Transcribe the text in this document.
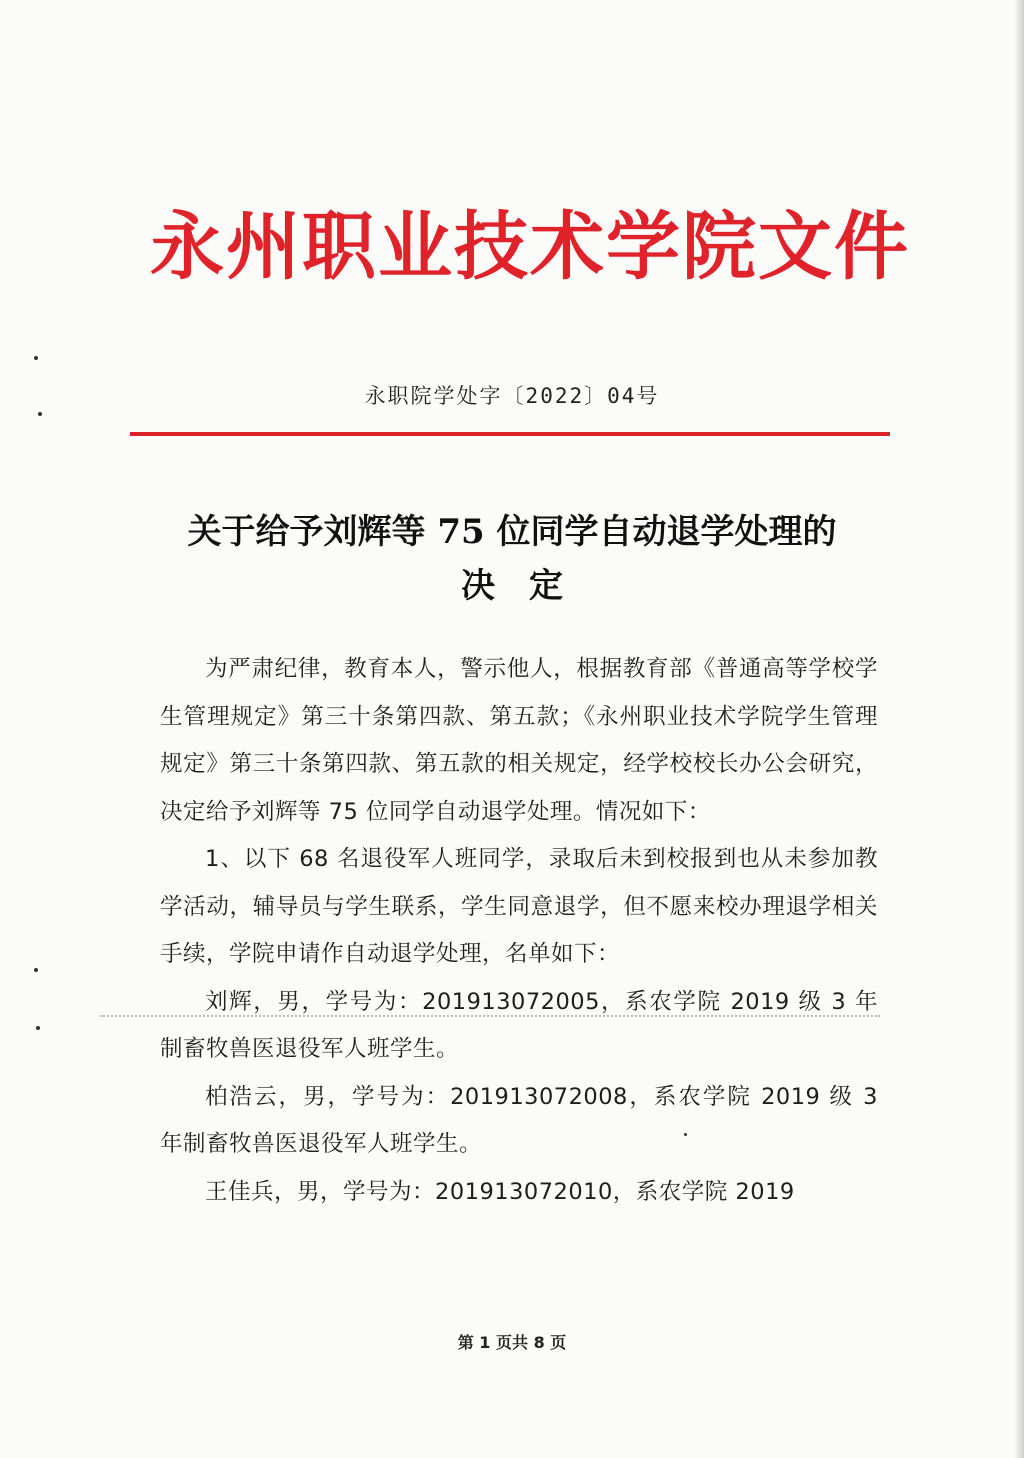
永州职业技术学院文件
永职院学处字〔2022〕04号
关于给予刘辉等 75 位同学自动退学处理的
决　定

为严肃纪律，教育本人，警示他人，根据教育部《普通高等学校学生管理规定》第三十条第四款、第五款；《永州职业技术学院学生管理规定》第三十条第四款、第五款的相关规定，经学校校长办公会研究，决定给予刘辉等 75 位同学自动退学处理。情况如下：

1、以下 68 名退役军人班同学，录取后未到校报到也从未参加教学活动，辅导员与学生联系，学生同意退学，但不愿来校办理退学相关手续，学院申请作自动退学处理，名单如下：

刘辉，男，学号为：201913072005，系农学院 2019 级 3 年制畜牧兽医退役军人班学生。

柏浩云，男，学号为：201913072008，系农学院 2019 级 3 年制畜牧兽医退役军人班学生。

王佳兵，男，学号为：201913072010，系农学院 2019

第 1 页共 8 页
